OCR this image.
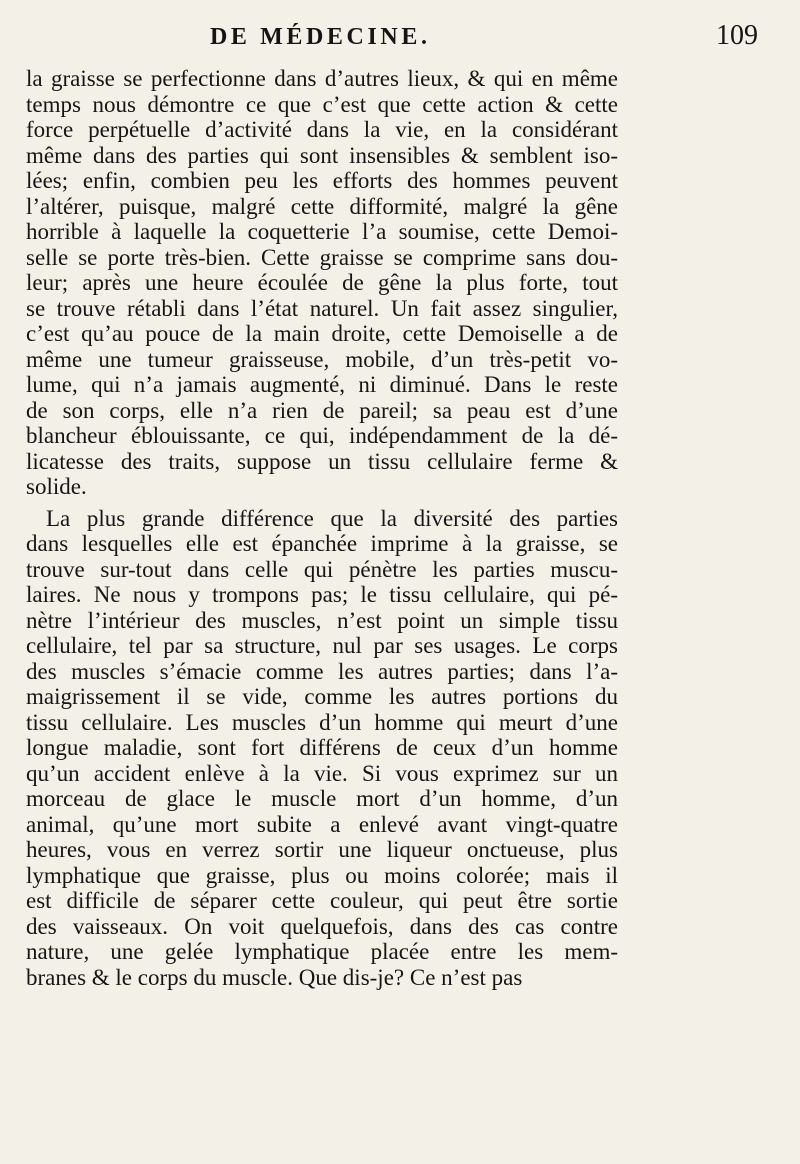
DE MÉDECINE.	109
la graisse se perfectionne dans d’autres lieux, & qui en même
temps nous démontre ce que c’est que cette action & cette
force perpétuelle d’activité dans la vie, en la considérant
même dans des parties qui sont insensibles & semblent iso-
lées; enfin, combien peu les efforts des hommes peuvent
l’altérer, puisque, malgré cette difformité, malgré la gêne
horrible à laquelle la coquetterie l’a soumise, cette Demoi-
selle se porte très-bien. Cette graisse se comprime sans dou-
leur; après une heure écoulée de gêne la plus forte, tout
se trouve rétabli dans l’état naturel. Un fait assez singulier,
c’est qu’au pouce de la main droite, cette Demoiselle a de
même une tumeur graisseuse, mobile, d’un très-petit vo-
lume, qui n’a jamais augmenté, ni diminué. Dans le reste
de son corps, elle n’a rien de pareil; sa peau est d’une
blancheur éblouissante, ce qui, indépendamment de la dé-
licatesse des traits, suppose un tissu cellulaire ferme &
solide.
La plus grande différence que la diversité des parties
dans lesquelles elle est épanchée imprime à la graisse, se
trouve sur-tout dans celle qui pénètre les parties muscu-
laires. Ne nous y trompons pas; le tissu cellulaire, qui pé-
nètre l’intérieur des muscles, n’est point un simple tissu
cellulaire, tel par sa structure, nul par ses usages. Le corps
des muscles s’émacie comme les autres parties; dans l’a-
maigrissement il se vide, comme les autres portions du
tissu cellulaire. Les muscles d’un homme qui meurt d’une
longue maladie, sont fort différens de ceux d’un homme
qu’un accident enlève à la vie. Si vous exprimez sur un
morceau de glace le muscle mort d’un homme, d’un
animal, qu’une mort subite a enlevé avant vingt-quatre
heures, vous en verrez sortir une liqueur onctueuse, plus
lymphatique que graisse, plus ou moins colorée; mais il
est difficile de séparer cette couleur, qui peut être sortie
des vaisseaux. On voit quelquefois, dans des cas contre
nature, une gelée lymphatique placée entre les mem-
branes & le corps du muscle. Que dis-je? Ce n’est pas
